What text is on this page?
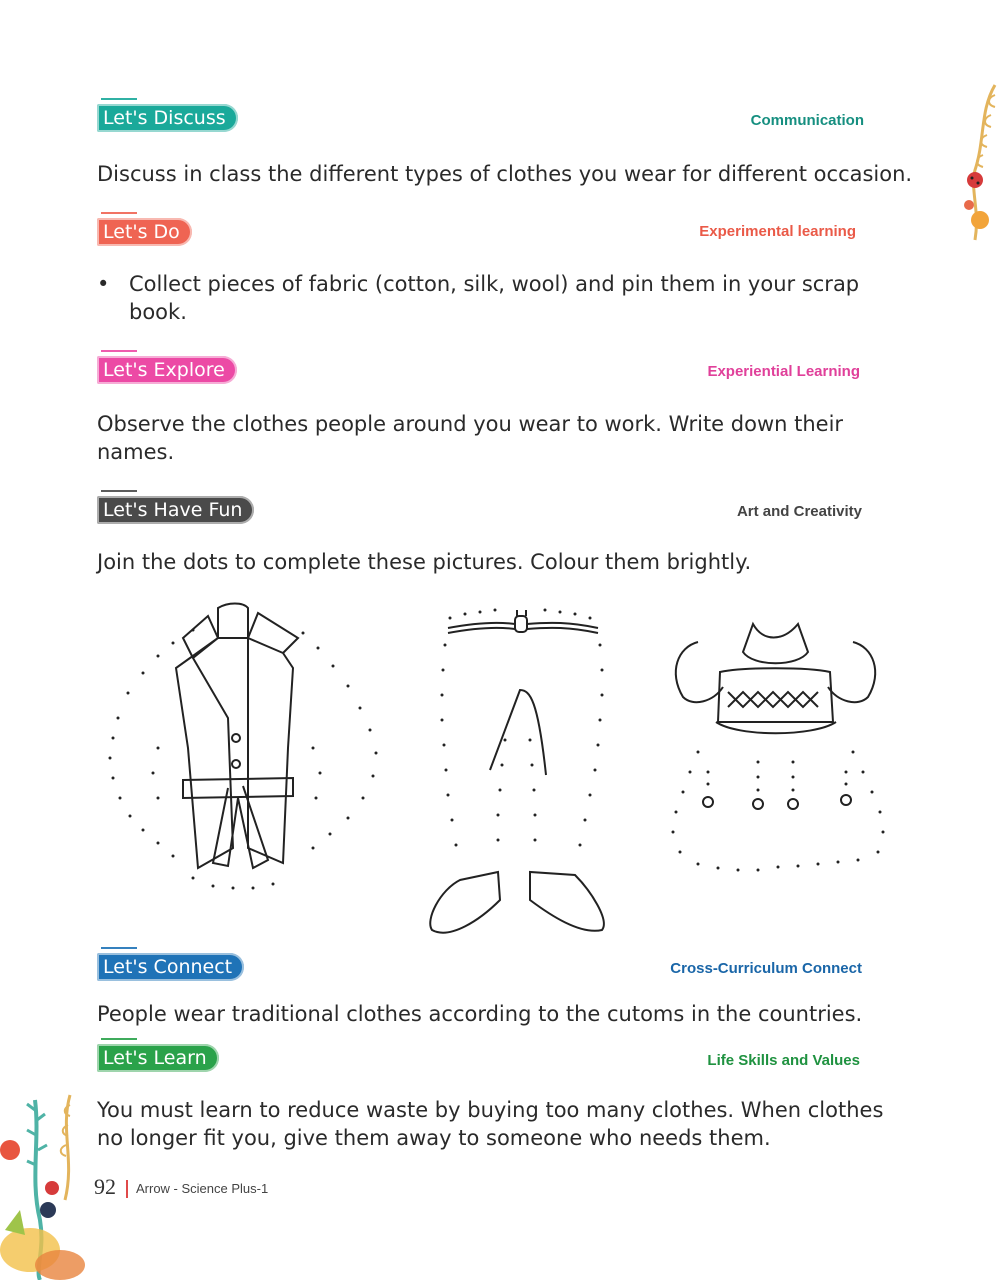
Let's Discuss	Communication

Discuss in class the different types of clothes you wear for different occasion.

Let's Do	Experimental learning
• Collect pieces of fabric (cotton, silk, wool) and pin them in your scrap book.
Let's Explore	Experiential Learning

Observe the clothes people around you wear to work. Write down their names.

Let's Have Fun	Art and Creativity

Join the dots to complete these pictures. Colour them brightly.

Let's Connect	Cross-Curriculum Connect

People wear traditional clothes according to the cutoms in the countries.

Let's Learn	Life Skills and Values

You must learn to reduce waste by buying too many clothes. When clothes no longer fit you, give them away to someone who needs them.

92 Arrow - Science Plus-1
